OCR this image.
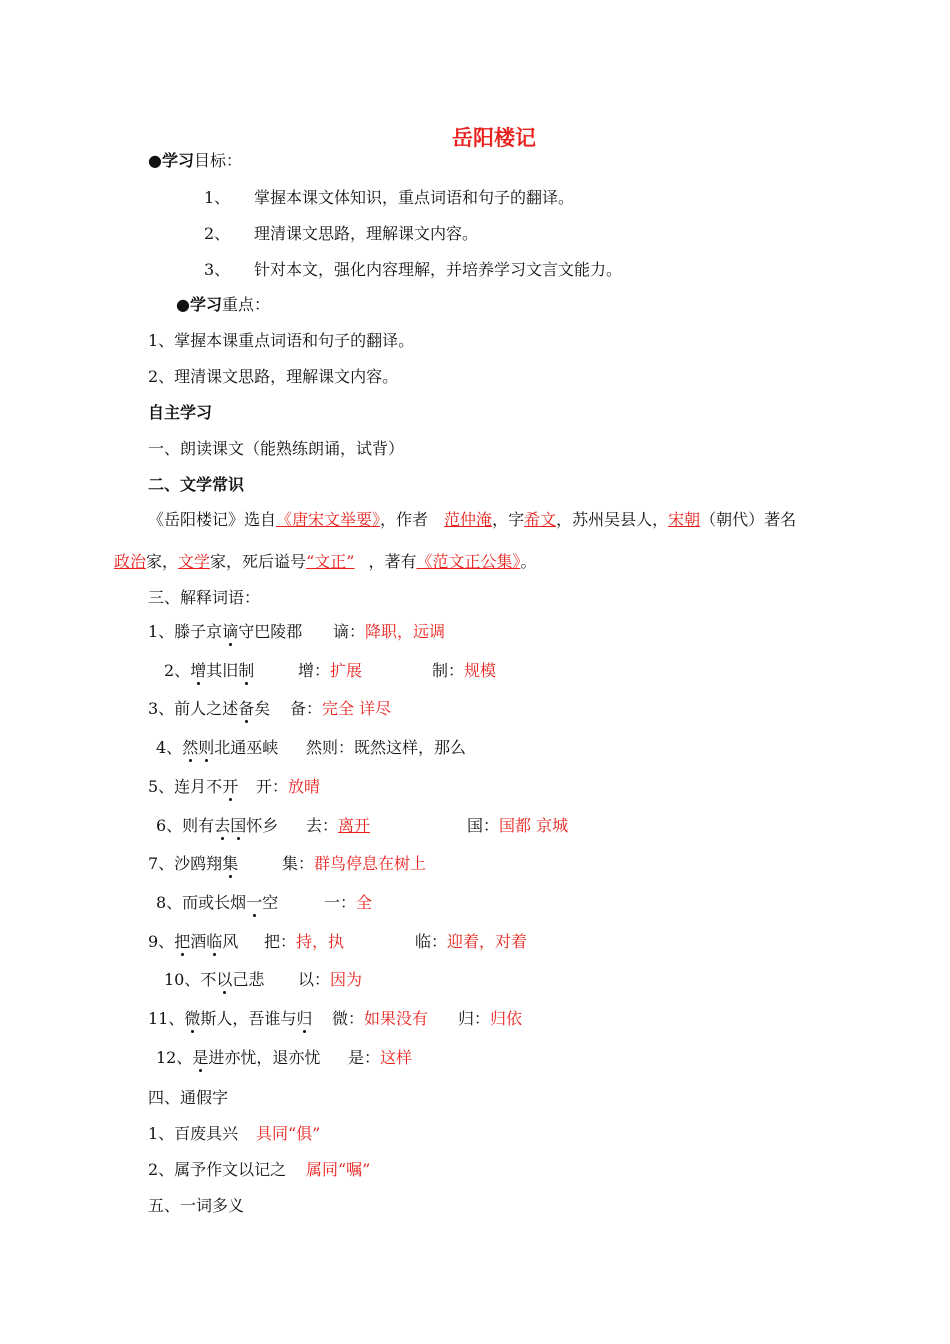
岳阳楼记
●学习目标：
1、 掌握本课文体知识，重点词语和句子的翻译。
2、 理清课文思路，理解课文内容。
3、 针对本文，强化内容理解，并培养学习文言文能力。
●学习重点：
1、掌握本课重点词语和句子的翻译。
2、理清课文思路，理解课文内容。
自主学习
一、朗读课文（能熟练朗诵，试背）
二、文学常识
《岳阳楼记》选自《唐宋文举要》，作者 范仲淹，字希文，苏州吴县人，宋朝（朝代）著名
政治家，文学家，死后谥号“文正” ，著有《范文正公集》。
三、解释词语：
1、滕子京谪守巴陵郡 谪：降职，远调
2、增其旧制	增：扩展	制：规模
3、前人之述备矣 备：完全 详尽
4、然则北通巫峡 然则：既然这样，那么
5、连月不开 开：放晴
6、则有去国怀乡 去：离开	国：国都 京城
7、沙鸥翔集	集：群鸟停息在树上
8、而或长烟一空	一：全
9、把酒临风 把：持，执	临：迎着，对着
10、不以己悲 以：因为
11、微斯人，吾谁与归 微：如果没有 归：归依
12、是进亦忧，退亦忧 是：这样
四、通假字
1、百废具兴 具同“俱”
2、属予作文以记之 属同“嘱”
五、一词多义
